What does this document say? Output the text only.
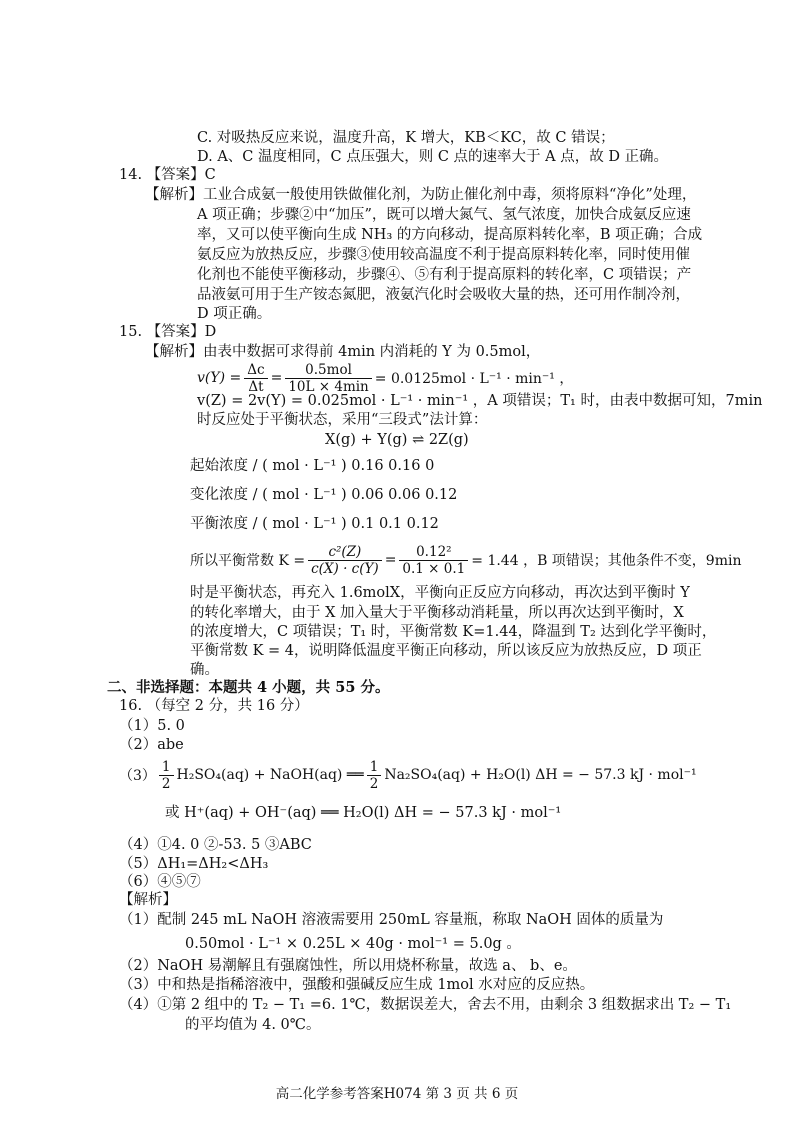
C. 对吸热反应来说，温度升高，K 增大，KB＜KC，故 C 错误；
D. A、C 温度相同，C 点压强大，则 C 点的速率大于 A 点，故 D 正确。
14. 【答案】C
【解析】工业合成氨一般使用铁做催化剂，为防止催化剂中毒，须将原料“净化”处理，
A 项正确；步骤②中“加压”，既可以增大氮气、氢气浓度，加快合成氨反应速
率，又可以使平衡向生成 NH₃ 的方向移动，提高原料转化率，B 项正确；合成
氨反应为放热反应，步骤③使用较高温度不利于提高原料转化率，同时使用催
化剂也不能使平衡移动，步骤④、⑤有利于提高原料的转化率，C 项错误；产
品液氨可用于生产铵态氮肥，液氨汽化时会吸收大量的热，还可用作制冷剂，
D 项正确。
15. 【答案】D
【解析】由表中数据可求得前 4min 内消耗的 Y 为 0.5mol，
$v(Y) = \frac{\Delta c}{\Delta t} = \frac{\text{0.5mol}}{10L \times 4\min} = 0.0125mol \cdot L^{-1} \cdot \min^{-1}$ ，
v(Z) = 2v(Y) = 0.025mol · L⁻¹ · min⁻¹ ，A 项错误；T₁ 时，由表中数据可知，7min
时反应处于平衡状态，采用“三段式”法计算：
X(g) + Y(g) ⇌ 2Z(g)
起始浓度 / ( mol · L⁻¹ ) 0.16 0.16 0
变化浓度 / ( mol · L⁻¹ ) 0.06 0.06 0.12
平衡浓度 / ( mol · L⁻¹ ) 0.1 0.1 0.12
所以平衡常数 $K = \frac{\text{c²(Z)}}{c(X) \cdot c(Y)} = \frac{\text{0.12²}}{0.1 \times 0.1} = 1.44$ ，B 项错误；其他条件不变，9min
时是平衡状态，再充入 1.6molX，平衡向正反应方向移动，再次达到平衡时 Y
的转化率增大，由于 X 加入量大于平衡移动消耗量，所以再次达到平衡时，X
的浓度增大，C 项错误；T₁ 时，平衡常数 K=1.44，降温到 T₂ 达到化学平衡时，
平衡常数 K = 4，说明降低温度平衡正向移动，所以该反应为放热反应，D 项正
确。
二、非选择题：本题共 4 小题，共 55 分。
16. （每空 2 分，共 16 分）
（1）5. 0
（2）abe
$(3) \frac{1}{2} H_2SO_4(aq)$ + NaOH(aq) ══ $\frac{1}{2} Na_2SO_4(aq) + H_2O(l) \Delta H$ = − 57.3 kJ · mol⁻¹
或 H⁺(aq) + OH⁻(aq) ══ H₂O(l) ΔH = − 57.3 kJ · mol⁻¹
（4）①4. 0 ②-53. 5 ③ABC
（5）ΔH₁=ΔH₂<ΔH₃
（6）④⑤⑦
【解析】
（1）配制 245 mL NaOH 溶液需要用 250mL 容量瓶，称取 NaOH 固体的质量为
0.50mol · L⁻¹ × 0.25L × 40g · mol⁻¹ = 5.0g 。
（2）NaOH 易潮解且有强腐蚀性，所以用烧杯称量，故选 a、 b、e。
（3）中和热是指稀溶液中，强酸和强碱反应生成 1mol 水对应的反应热。
（4）①第 2 组中的 T₂ − T₁ =6. 1℃，数据误差大，舍去不用，由剩余 3 组数据求出 T₂ − T₁
的平均值为 4. 0℃。
高二化学参考答案H074 第 3 页 共 6 页
